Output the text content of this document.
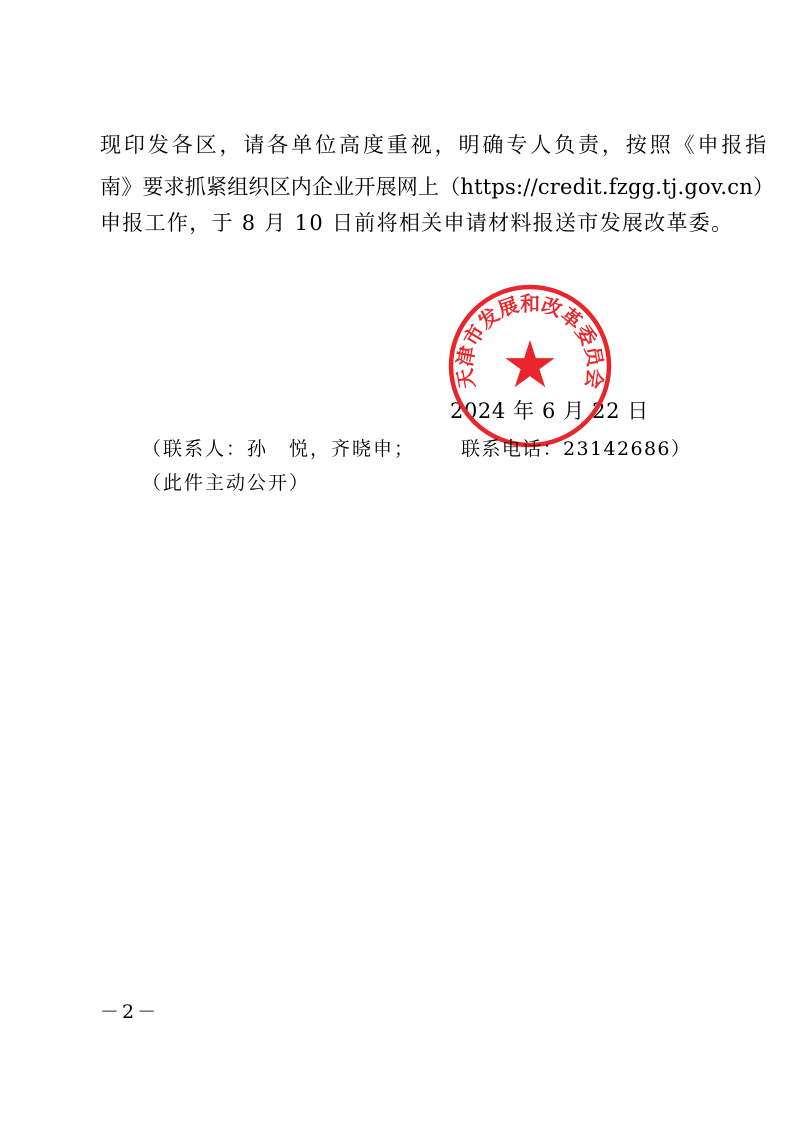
现印发各区，请各单位高度重视，明确专人负责，按照《申报指
南》要求抓紧组织区内企业开展网上（https://credit.fzgg.tj.gov.cn）
申报工作，于 8 月 10 日前将相关申请材料报送市发展改革委。
2024 年 6 月 22 日
天津市发展和改革委员会
（联系人：孙　悦，齐晓申； 联系电话：23142686）
（此件主动公开）
－2－
